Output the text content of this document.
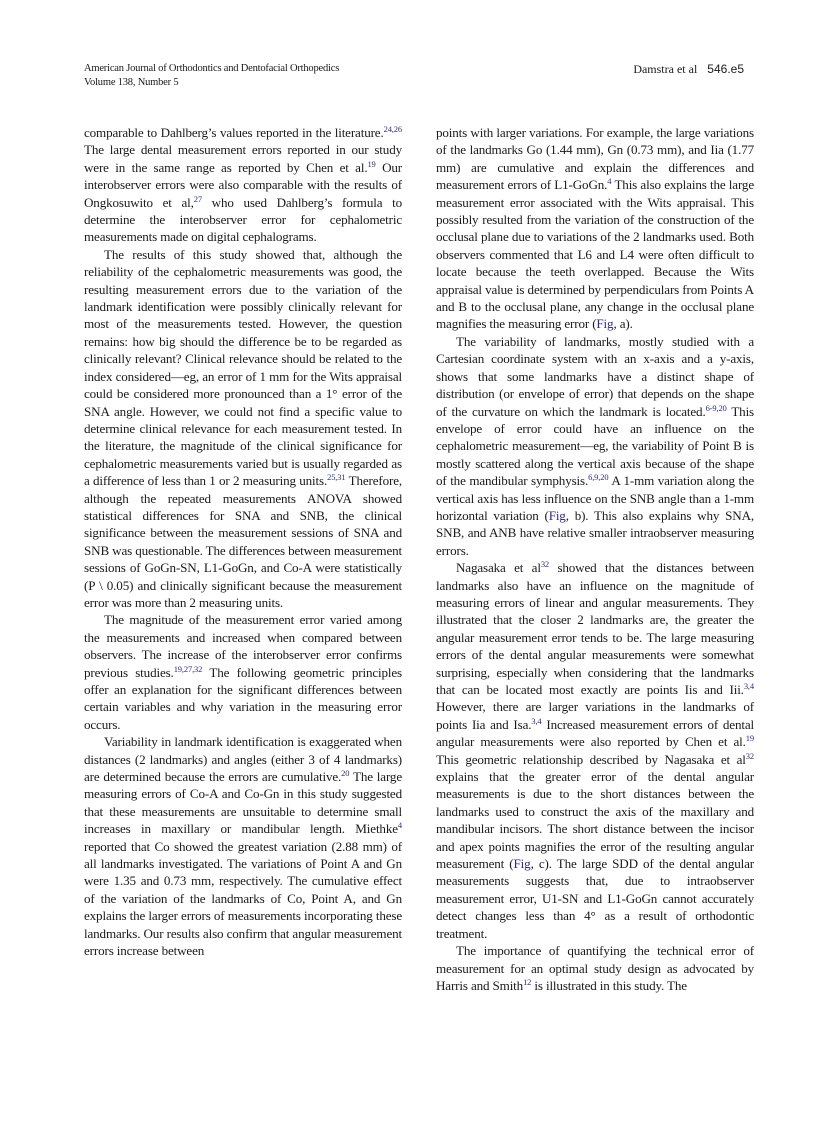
American Journal of Orthodontics and Dentofacial Orthopedics
Volume 138, Number 5
Damstra et al 546.e5

comparable to Dahlberg’s values reported in the literature.$^{24,26}$ The large dental measurement errors reported in our study were in the same range as reported by Chen et al.$^{19}$ Our interobserver errors were also comparable with the results of Ongkosuwito et al,$^{27}$ who used Dahlberg’s formula to determine the interobserver error for cephalometric measurements made on digital cephalograms.

The results of this study showed that, although the reliability of the cephalometric measurements was good, the resulting measurement errors due to the variation of the landmark identification were possibly clinically relevant for most of the measurements tested. However, the question remains: how big should the difference be to be regarded as clinically relevant? Clinical relevance should be related to the index considered—eg, an error of 1 mm for the Wits appraisal could be considered more pronounced than a 1° error of the SNA angle. However, we could not find a specific value to determine clinical relevance for each measurement tested. In the literature, the magnitude of the clinical significance for cephalometric measurements varied but is usually regarded as a difference of less than 1 or 2 measuring units.$^{25,31}$ Therefore, although the repeated measurements ANOVA showed statistical differences for SNA and SNB, the clinical significance between the measurement sessions of SNA and SNB was questionable. The differences between measurement sessions of GoGn-SN, L1-GoGn, and Co-A were statistically (P \ 0.05) and clinically significant because the measurement error was more than 2 measuring units.

The magnitude of the measurement error varied among the measurements and increased when compared between observers. The increase of the interobserver error confirms previous studies.$^{19,27,32}$ The following geometric principles offer an explanation for the significant differences between certain variables and why variation in the measuring error occurs.

Variability in landmark identification is exaggerated when distances (2 landmarks) and angles (either 3 of 4 landmarks) are determined because the errors are cumulative.$^{20}$ The large measuring errors of Co-A and Co-Gn in this study suggested that these measurements are unsuitable to determine small increases in maxillary or mandibular length. Miethke$^4$ reported that Co showed the greatest variation (2.88 mm) of all landmarks investigated. The variations of Point A and Gn were 1.35 and 0.73 mm, respectively. The cumulative effect of the variation of the landmarks of Co, Point A, and Gn explains the larger errors of measurements incorporating these landmarks. Our results also confirm that angular measurement errors increase between

points with larger variations. For example, the large variations of the landmarks Go (1.44 mm), Gn (0.73 mm), and Iia (1.77 mm) are cumulative and explain the differences and measurement errors of L1-GoGn.$^4$ This also explains the large measurement error associated with the Wits appraisal. This possibly resulted from the variation of the construction of the occlusal plane due to variations of the 2 landmarks used. Both observers commented that L6 and L4 were often difficult to locate because the teeth overlapped. Because the Wits appraisal value is determined by perpendiculars from Points A and B to the occlusal plane, any change in the occlusal plane magnifies the measuring error (Fig, a).

The variability of landmarks, mostly studied with a Cartesian coordinate system with an x-axis and a y-axis, shows that some landmarks have a distinct shape of distribution (or envelope of error) that depends on the shape of the curvature on which the landmark is located.$^{6-9,20}$ This envelope of error could have an influence on the cephalometric measurement—eg, the variability of Point B is mostly scattered along the vertical axis because of the shape of the mandibular symphysis.$^{6,9,20}$ A 1-mm variation along the vertical axis has less influence on the SNB angle than a 1-mm horizontal variation (Fig, b). This also explains why SNA, SNB, and ANB have relative smaller intraobserver measuring errors.

Nagasaka et $al^{32}$ showed that the distances between landmarks also have an influence on the magnitude of measuring errors of linear and angular measurements. They illustrated that the closer 2 landmarks are, the greater the angular measurement error tends to be. The large measuring errors of the dental angular measurements were somewhat surprising, especially when considering that the landmarks that can be located most exactly are points Iis and Iii.$^{3,4}$ However, there are larger variations in the landmarks of points Iia and Isa.$^{3,4}$ Increased measurement errors of dental angular measurements were also reported by Chen et al.$^{19}$ This geometric relationship described by Nagasaka et $al^{32}$ explains that the greater error of the dental angular measurements is due to the short distances between the landmarks used to construct the axis of the maxillary and mandibular incisors. The short distance between the incisor and apex points magnifies the error of the resulting angular measurement (Fig, c). The large SDD of the dental angular measurements suggests that, due to intraobserver measurement error, U1-SN and L1-GoGn cannot accurately detect changes less than 4° as a result of orthodontic treatment.

The importance of quantifying the technical error of measurement for an optimal study design as advocated by Harris and Smith$^{12}$ is illustrated in this study. The
